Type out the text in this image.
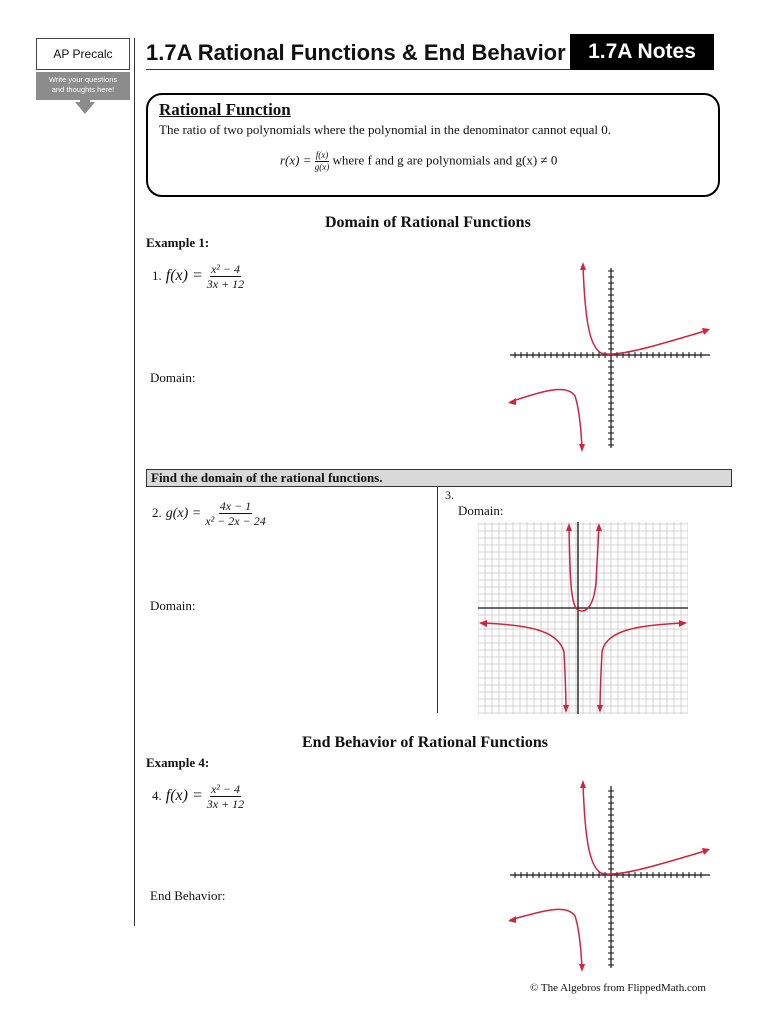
AP Precalc
Write your questions
and thoughts here!
1.7A Rational Functions & End Behavior	1.7A Notes
Rational Function
The ratio of two polynomials where the polynomial in the denominator cannot equal 0.
$r(x) = \frac{f(x)}{g(x)}$ where f and g are polynomials and g(x) ≠ 0
Domain of Rational Functions
Example 1:
1. $f(x) = \frac{\text{x² − 4}}{3x + 12}$
Domain:
Find the domain of the rational functions.
2. $g(x) = \frac{4x - 1}{\text{x² − 2x − 24}}$
Domain:
3.
Domain:
End Behavior of Rational Functions
Example 4:
4. $f(x) = \frac{\text{x² − 4}}{3x + 12}$
End Behavior:
© The Algebros from FlippedMath.com
